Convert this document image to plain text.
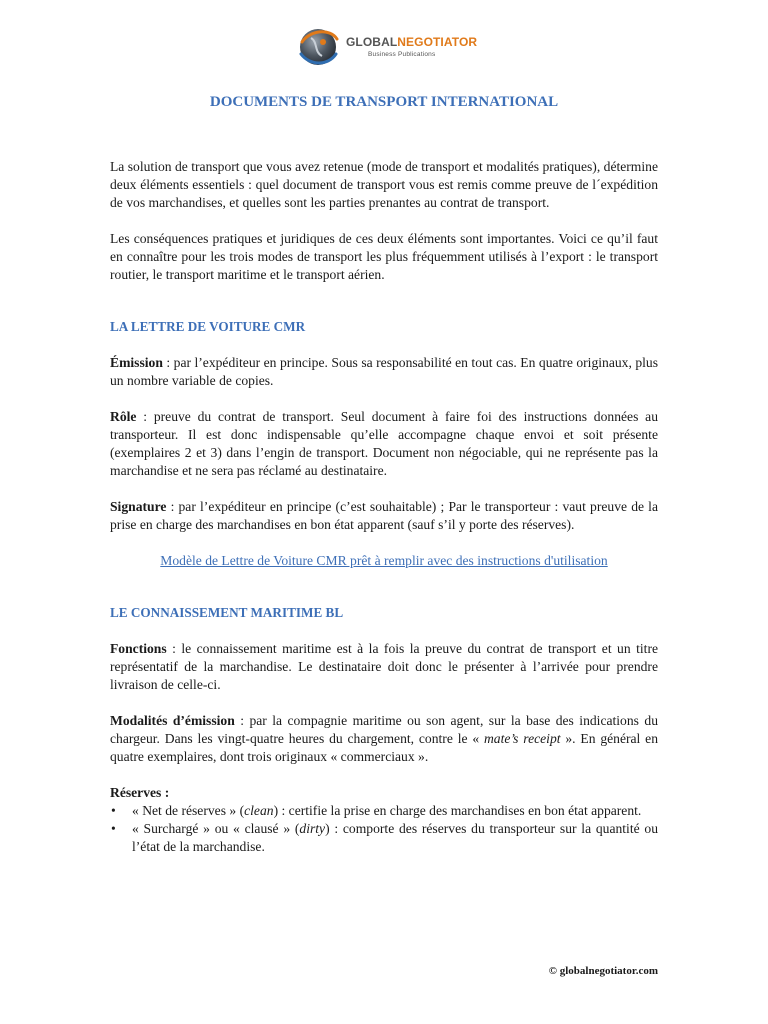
GLOBALNEGOTIATOR
Business Publications
DOCUMENTS DE TRANSPORT INTERNATIONAL

La solution de transport que vous avez retenue (mode de transport et modalités pratiques), détermine deux éléments essentiels : quel document de transport vous est remis comme preuve de l´expédition de vos marchandises, et quelles sont les parties prenantes au contrat de transport.

Les conséquences pratiques et juridiques de ces deux éléments sont importantes. Voici ce qu’il faut en connaître pour les trois modes de transport les plus fréquemment utilisés à l’export : le transport routier, le transport maritime et le transport aérien.

LA LETTRE DE VOITURE CMR

Émission : par l’expéditeur en principe. Sous sa responsabilité en tout cas. En quatre originaux, plus un nombre variable de copies.

Rôle : preuve du contrat de transport. Seul document à faire foi des instructions données au transporteur. Il est donc indispensable qu’elle accompagne chaque envoi et soit présente (exemplaires 2 et 3) dans l’engin de transport. Document non négociable, qui ne représente pas la marchandise et ne sera pas réclamé au destinataire.

Signature : par l’expéditeur en principe (c’est souhaitable) ; Par le transporteur : vaut preuve de la prise en charge des marchandises en bon état apparent (sauf s’il y porte des réserves).

Modèle de Lettre de Voiture CMR prêt à remplir avec des instructions d'utilisation

LE CONNAISSEMENT MARITIME BL

Fonctions : le connaissement maritime est à la fois la preuve du contrat de transport et un titre représentatif de la marchandise. Le destinataire doit donc le présenter à l’arrivée pour prendre livraison de celle-ci.

Modalités d’émission : par la compagnie maritime ou son agent, sur la base des indications du chargeur. Dans les vingt-quatre heures du chargement, contre le « mate’s receipt ». En général en quatre exemplaires, dont trois originaux « commerciaux ».

Réserves :

• « Net de réserves » (clean) : certifie la prise en charge des marchandises en bon état apparent.
• « Surchargé » ou « clausé » (dirty) : comporte des réserves du transporteur sur la quantité ou l’état de la marchandise.
© globalnegotiator.com
